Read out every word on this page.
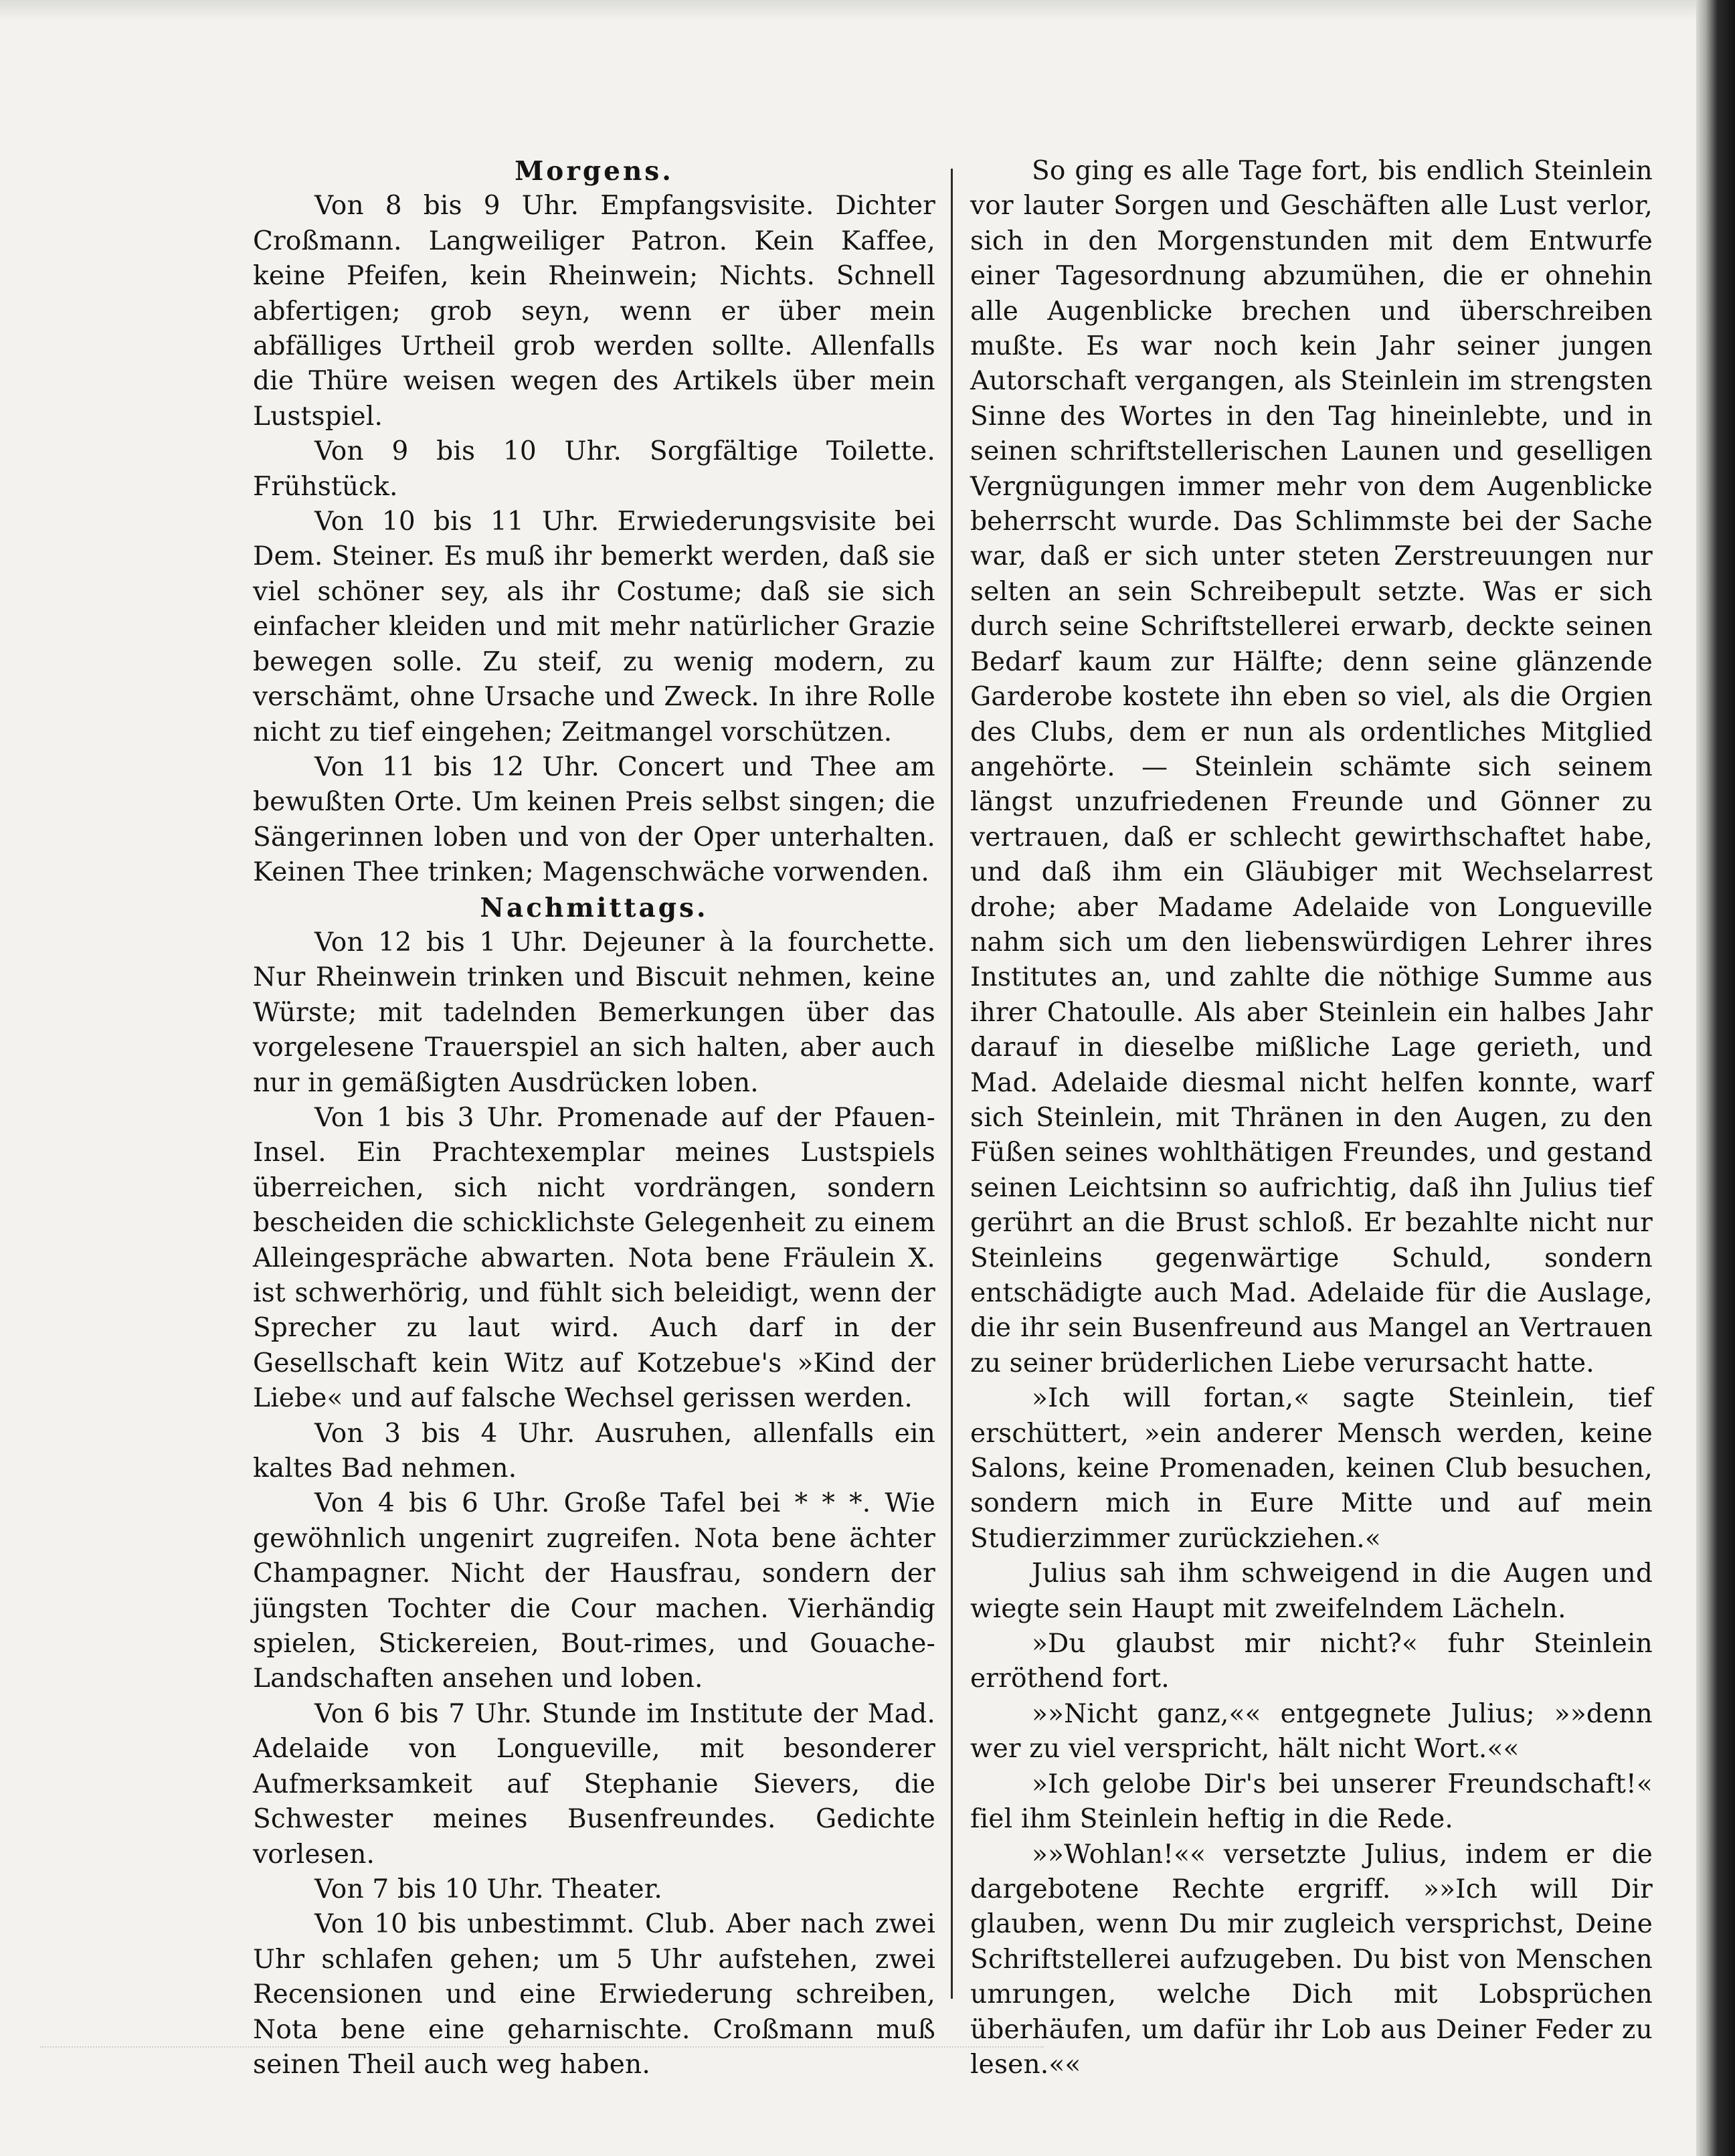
Morgens.

Von 8 bis 9 Uhr. Empfangsvisite. Dichter Croßmann. Langweiliger Patron. Kein Kaffee, keine Pfeifen, kein Rheinwein; Nichts. Schnell abfertigen; grob seyn, wenn er über mein abfälliges Urtheil grob werden sollte. Allenfalls die Thüre weisen wegen des Artikels über mein Lustspiel.

Von 9 bis 10 Uhr. Sorgfältige Toilette. Frühstück.

Von 10 bis 11 Uhr. Erwiederungsvisite bei Dem. Steiner. Es muß ihr bemerkt werden, daß sie viel schöner sey, als ihr Costume; daß sie sich einfacher kleiden und mit mehr natürlicher Grazie bewegen solle. Zu steif, zu wenig modern, zu verschämt, ohne Ursache und Zweck. In ihre Rolle nicht zu tief eingehen; Zeitmangel vorschützen.

Von 11 bis 12 Uhr. Concert und Thee am bewußten Orte. Um keinen Preis selbst singen; die Sängerinnen loben und von der Oper unterhalten. Keinen Thee trinken; Magenschwäche vorwenden.

Nachmittags.

Von 12 bis 1 Uhr. Dejeuner à la fourchette. Nur Rheinwein trinken und Biscuit nehmen, keine Würste; mit tadelnden Bemerkungen über das vorgelesene Trauerspiel an sich halten, aber auch nur in gemäßigten Ausdrücken loben.

Von 1 bis 3 Uhr. Promenade auf der Pfauen-Insel. Ein Prachtexemplar meines Lustspiels überreichen, sich nicht vordrängen, sondern bescheiden die schicklichste Gelegenheit zu einem Alleingespräche abwarten. Nota bene Fräulein X. ist schwerhörig, und fühlt sich beleidigt, wenn der Sprecher zu laut wird. Auch darf in der Gesellschaft kein Witz auf Kotzebue's »Kind der Liebe« und auf falsche Wechsel gerissen werden.

Von 3 bis 4 Uhr. Ausruhen, allenfalls ein kaltes Bad nehmen.

Von 4 bis 6 Uhr. Große Tafel bei * * *. Wie gewöhnlich ungenirt zugreifen. Nota bene ächter Champagner. Nicht der Hausfrau, sondern der jüngsten Tochter die Cour machen. Vierhändig spielen, Stickereien, Bout-rimes, und Gouache-Landschaften ansehen und loben.

Von 6 bis 7 Uhr. Stunde im Institute der Mad. Adelaide von Longueville, mit besonderer Aufmerksamkeit auf Stephanie Sievers, die Schwester meines Busenfreundes. Gedichte vorlesen.

Von 7 bis 10 Uhr. Theater.

Von 10 bis unbestimmt. Club. Aber nach zwei Uhr schlafen gehen; um 5 Uhr aufstehen, zwei Recensionen und eine Erwiederung schreiben, Nota bene eine geharnischte. Croßmann muß seinen Theil auch weg haben.

So ging es alle Tage fort, bis endlich Steinlein vor lauter Sorgen und Geschäften alle Lust verlor, sich in den Morgenstunden mit dem Entwurfe einer Tagesordnung abzumühen, die er ohnehin alle Augenblicke brechen und überschreiben mußte. Es war noch kein Jahr seiner jungen Autorschaft vergangen, als Steinlein im strengsten Sinne des Wortes in den Tag hineinlebte, und in seinen schriftstellerischen Launen und geselligen Vergnügungen immer mehr von dem Augenblicke beherrscht wurde. Das Schlimmste bei der Sache war, daß er sich unter steten Zerstreuungen nur selten an sein Schreibepult setzte. Was er sich durch seine Schriftstellerei erwarb, deckte seinen Bedarf kaum zur Hälfte; denn seine glänzende Garderobe kostete ihn eben so viel, als die Orgien des Clubs, dem er nun als ordentliches Mitglied angehörte. — Steinlein schämte sich seinem längst unzufriedenen Freunde und Gönner zu vertrauen, daß er schlecht gewirthschaftet habe, und daß ihm ein Gläubiger mit Wechselarrest drohe; aber Madame Adelaide von Longueville nahm sich um den liebenswürdigen Lehrer ihres Institutes an, und zahlte die nöthige Summe aus ihrer Chatoulle. Als aber Steinlein ein halbes Jahr darauf in dieselbe mißliche Lage gerieth, und Mad. Adelaide diesmal nicht helfen konnte, warf sich Steinlein, mit Thränen in den Augen, zu den Füßen seines wohlthätigen Freundes, und gestand seinen Leichtsinn so aufrichtig, daß ihn Julius tief gerührt an die Brust schloß. Er bezahlte nicht nur Steinleins gegenwärtige Schuld, sondern entschädigte auch Mad. Adelaide für die Auslage, die ihr sein Busenfreund aus Mangel an Vertrauen zu seiner brüderlichen Liebe verursacht hatte.

»Ich will fortan,« sagte Steinlein, tief erschüttert, »ein anderer Mensch werden, keine Salons, keine Promenaden, keinen Club besuchen, sondern mich in Eure Mitte und auf mein Studierzimmer zurückziehen.«

Julius sah ihm schweigend in die Augen und wiegte sein Haupt mit zweifelndem Lächeln.

»Du glaubst mir nicht?« fuhr Steinlein erröthend fort.

»»Nicht ganz,«« entgegnete Julius; »»denn wer zu viel verspricht, hält nicht Wort.««

»Ich gelobe Dir's bei unserer Freundschaft!« fiel ihm Steinlein heftig in die Rede.

»»Wohlan!«« versetzte Julius, indem er die dargebotene Rechte ergriff. »»Ich will Dir glauben, wenn Du mir zugleich versprichst, Deine Schriftstellerei aufzugeben. Du bist von Menschen umrungen, welche Dich mit Lobsprüchen überhäufen, um dafür ihr Lob aus Deiner Feder zu lesen.««
